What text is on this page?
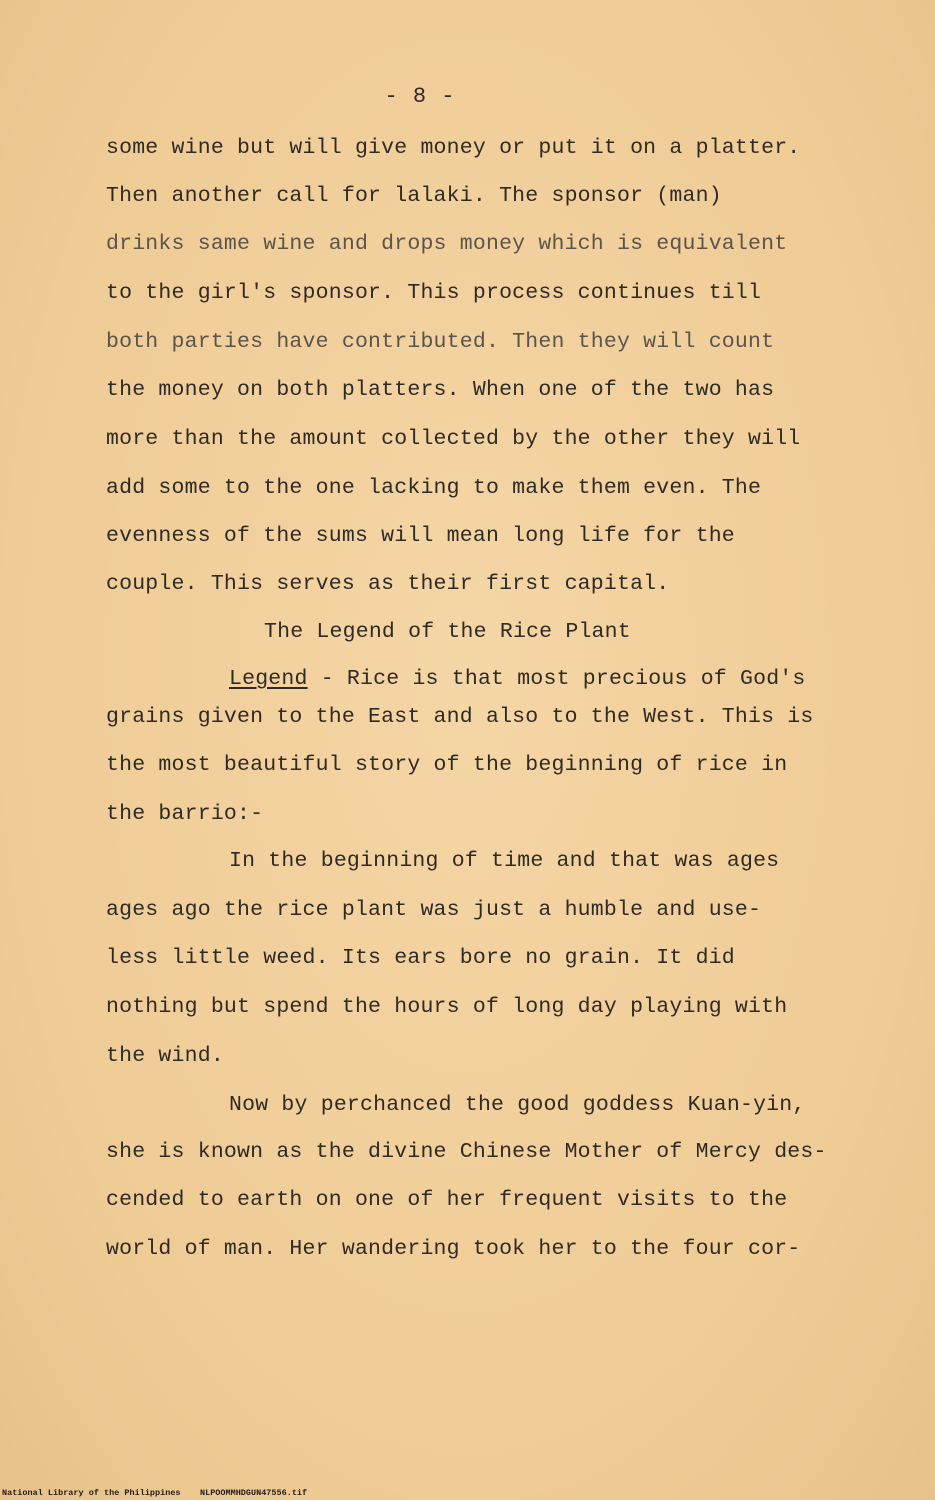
- 8 -
some wine but will give money or put it on a platter.
Then another call for lalaki. The sponsor (man)
drinks same wine and drops money which is equivalent
to the girl's sponsor. This process continues till
both parties have contributed. Then they will count
the money on both platters. When one of the two has
more than the amount collected by the other they will
add some to the one lacking to make them even. The
evenness of the sums will mean long life for the
couple. This serves as their first capital.
The Legend of the Rice Plant
Legend - Rice is that most precious of God's
grains given to the East and also to the West. This is
the most beautiful story of the beginning of rice in
the barrio:-
In the beginning of time and that was ages
ages ago the rice plant was just a humble and use-
less little weed. Its ears bore no grain. It did
nothing but spend the hours of long day playing with
the wind.
Now by perchanced the good goddess Kuan-yin,
she is known as the divine Chinese Mother of Mercy des-
cended to earth on one of her frequent visits to the
world of man. Her wandering took her to the four cor-
National Library of the Philippines NLPOOMMHDGUN47556.tif
